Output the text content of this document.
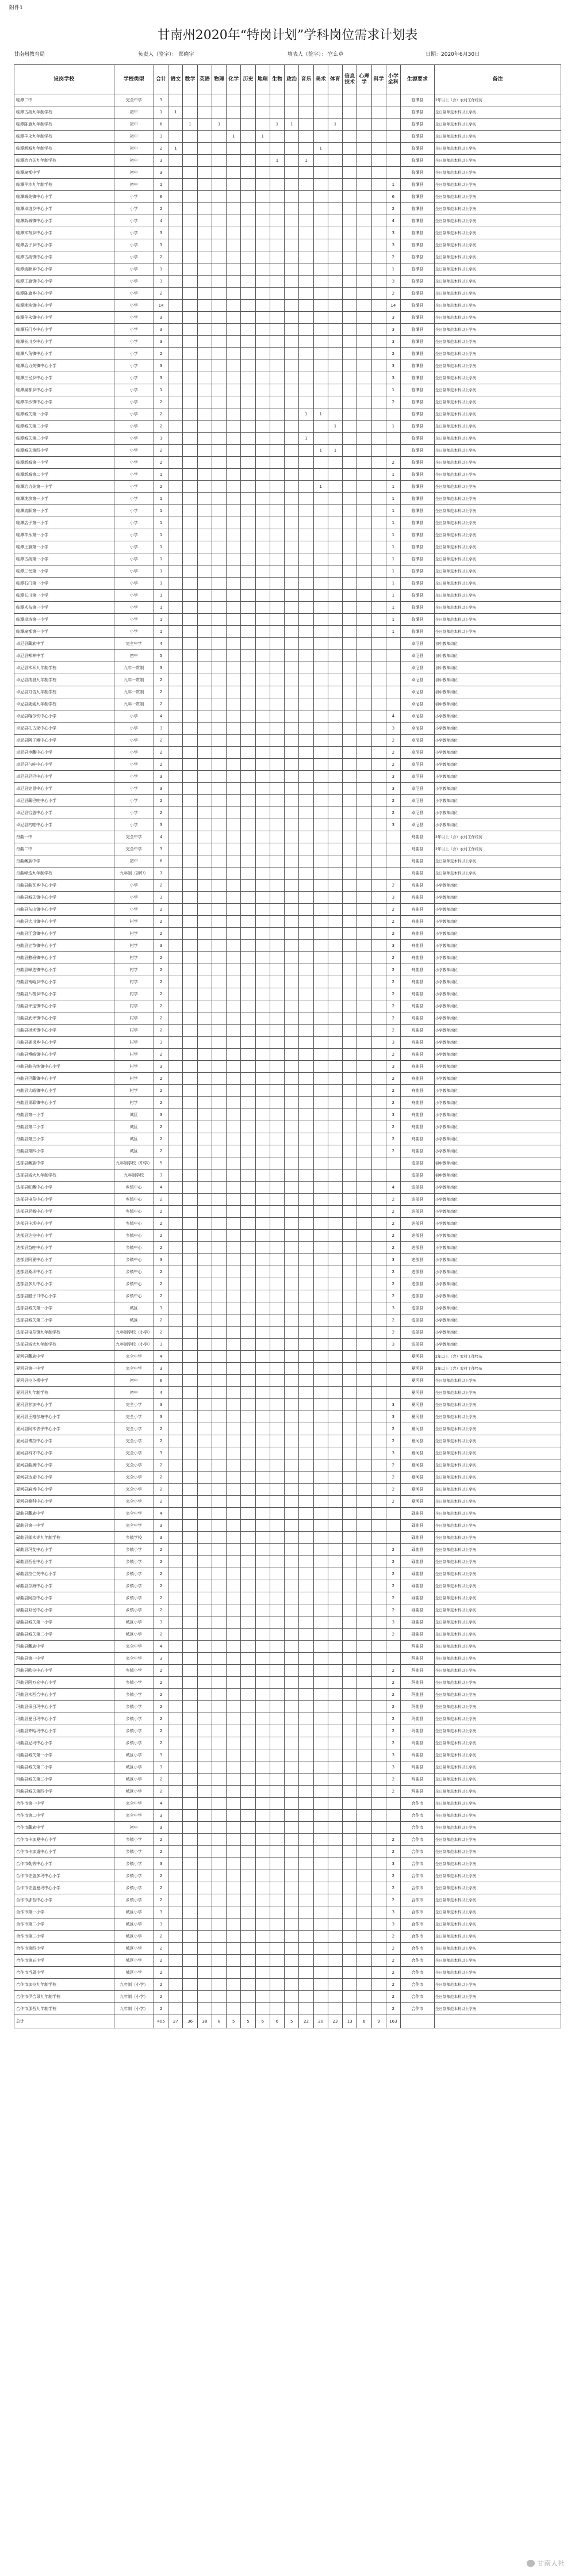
附件1
甘南州2020年“特岗计划”学科岗位需求计划表
甘南州教育局	负责人（签字）： 郑晓宇	填表人（签字）： 官么草	日期：2020年6月30日
设岗学校	学校类型	合计	语文	数学	英语	物理	化学	历史	地理	生物	政治	音乐	美术	体育	信息技术	心理学	科学	小学全科	生源要求	备注
临潭二中	完全中学	3																	临潭县	2年以上（含）农村工作经历
临潭古战九年制学校	初中	1	1																临潭县	全日制师范本科以上学历
临潭陈旗九年制学校	初中	6		1		1				1	1			1					临潭县	全日制师范本科以上学历
临潭羊永九年制学校	初中	3					1		1										临潭县	全日制师范本科以上学历
临潭新城九年制学校	初中	2	1										1						临潭县	全日制师范本科以上学历
临潭冶力关九年制学校	初中	3								1		1							临潭县	全日制师范本科以上学历
临潭扁都中学	初中	3																	临潭县	全日制师范本科以上学历
临潭羊沙九年制学校	初中	1																1	临潭县	全日制师范本科以上学历
临潭城关镇中心小学	小学	6																6	临潭县	全日制师范本科以上学历
临潭卓洛乡中心小学	小学	2																2	临潭县	全日制师范本科以上学历
临潭新城镇中心小学	小学	4																4	临潭县	全日制师范本科以上学历
临潭术布乡中心小学	小学	3																3	临潭县	全日制师范本科以上学历
临潭店子乡中心小学	小学	3																3	临潭县	全日制师范本科以上学历
临潭古战镇中心小学	小学	2																2	临潭县	全日制师范本科以上学历
临潭流顺乡中心小学	小学	1																1	临潭县	全日制师范本科以上学历
临潭王旗镇中心小学	小学	3																3	临潭县	全日制师范本科以上学历
临潭陈旗乡中心小学	小学	2																2	临潭县	全日制师范本科以上学历
临潭洮滨镇中心小学	小学	14																14	临潭县	全日制师范本科以上学历
临潭羊永镇中心小学	小学	3																3	临潭县	全日制师范本科以上学历
临潭石门乡中心小学	小学	3																3	临潭县	全日制师范本科以上学历
临潭长川乡中心小学	小学	3																3	临潭县	全日制师范本科以上学历
临潭八角镇中心小学	小学	2																2	临潭县	全日制师范本科以上学历
临潭冶力关镇中心小学	小学	3																3	临潭县	全日制师范本科以上学历
临潭三岔乡中心小学	小学	3																3	临潭县	全日制师范本科以上学历
临潭扁都乡中心小学	小学	1																1	临潭县	全日制师范本科以上学历
临潭羊沙镇中心小学	小学	2																2	临潭县	全日制师范本科以上学历
临潭城关第一小学	小学	2										1	1						临潭县	全日制师范本科以上学历
临潭城关第二小学	小学	2												1				1	临潭县	全日制师范本科以上学历
临潭城关第三小学	小学	1										1							临潭县	全日制师范本科以上学历
临潭城关第四小学	小学	2											1	1					临潭县	全日制师范本科以上学历
临潭新城第一小学	小学	2																2	临潭县	全日制师范本科以上学历
临潭新城第二小学	小学	1																1	临潭县	全日制师范本科以上学历
临潭冶力关第一小学	小学	2											1					1	临潭县	全日制师范本科以上学历
临潭洮滨第一小学	小学	1																1	临潭县	全日制师范本科以上学历
临潭流顺第一小学	小学	1																1	临潭县	全日制师范本科以上学历
临潭店子第一小学	小学	1																1	临潭县	全日制师范本科以上学历
临潭羊永第一小学	小学	1																1	临潭县	全日制师范本科以上学历
临潭王旗第一小学	小学	1																1	临潭县	全日制师范本科以上学历
临潭古战第一小学	小学	1																1	临潭县	全日制师范本科以上学历
临潭三岔第一小学	小学	1																1	临潭县	全日制师范本科以上学历
临潭石门第一小学	小学	1																1	临潭县	全日制师范本科以上学历
临潭长川第一小学	小学	1																1	临潭县	全日制师范本科以上学历
临潭术布第一小学	小学	1																1	临潭县	全日制师范本科以上学历
临潭卓洛第一小学	小学	1																1	临潭县	全日制师范本科以上学历
临潭扁都第一小学	小学	1																1	临潭县	全日制师范本科以上学历
卓尼县藏族中学	完全中学	4																	卓尼县	初中教师岗位
卓尼县柳林中学	初中	5																	卓尼县	初中教师岗位
卓尼县木耳九年制学校	九年一贯制	3																	卓尼县	初中教师岗位
卓尼县纳浪九年制学校	九年一贯制	2																	卓尼县	初中教师岗位
卓尼县刀告九年制学校	九年一贯制	2																	卓尼县	初中教师岗位
卓尼县洮砚九年制学校	九年一贯制	2																	卓尼县	初中教师岗位
卓尼县喀尔钦中心小学	小学	4																4	卓尼县	小学教师岗位
卓尼县扎古录中心小学	小学	3																3	卓尼县	小学教师岗位
卓尼县阿子滩中心小学	小学	2																2	卓尼县	小学教师岗位
卓尼县申藏中心小学	小学	2																2	卓尼县	小学教师岗位
卓尼县勺哇中心小学	小学	2																2	卓尼县	小学教师岗位
卓尼县尼巴中心小学	小学	3																3	卓尼县	小学教师岗位
卓尼县完冒中心小学	小学	3																3	卓尼县	小学教师岗位
卓尼县藏巴哇中心小学	小学	2																2	卓尼县	小学教师岗位
卓尼县恰盖中心小学	小学	2																2	卓尼县	小学教师岗位
卓尼县杓哇中心小学	小学	3																3	卓尼县	小学教师岗位
舟曲一中	完全中学	4																	舟曲县	2年以上（含）农村工作经历
舟曲二中	完全中学	3																	舟曲县	2年以上（含）农村工作经历
舟曲藏族中学	初中	6																	舟曲县	全日制师范本科以上学历
舟曲峰迭九年制学校	九年制（初中）	7																	舟曲县	全日制师范本科以上学历
舟曲县曲瓦乡中心小学	小学	2																2	舟曲县	小学教师岗位
舟曲县城关镇中心小学	小学	3																3	舟曲县	小学教师岗位
舟曲县东山镇中心小学	小学	2																2	舟曲县	小学教师岗位
舟曲县大川镇中心小学	村学	2																2	舟曲县	小学教师岗位
舟曲县江盘镇中心小学	村学	2																2	舟曲县	小学教师岗位
舟曲县立节镇中心小学	村学	3																3	舟曲县	小学教师岗位
舟曲县憨班镇中心小学	村学	2																2	舟曲县	小学教师岗位
舟曲县峰迭镇中心小学	村学	2																2	舟曲县	小学教师岗位
舟曲县南峪乡中心小学	村学	2																2	舟曲县	小学教师岗位
舟曲县八楞乡中心小学	村学	2																2	舟曲县	小学教师岗位
舟曲县坪定镇中心小学	村学	2																2	舟曲县	小学教师岗位
舟曲县武坪镇中心小学	村学	2																2	舟曲县	小学教师岗位
舟曲县拱坝镇中心小学	村学	2																2	舟曲县	小学教师岗位
舟曲县插岗乡中心小学	村学	3																3	舟曲县	小学教师岗位
舟曲县博峪镇中心小学	村学	2																2	舟曲县	小学教师岗位
舟曲县曲告纳镇中心小学	村学	3																3	舟曲县	小学教师岗位
舟曲县巴藏镇中心小学	村学	2																2	舟曲县	小学教师岗位
舟曲县大峪镇中心小学	村学	2																2	舟曲县	小学教师岗位
舟曲县果耶镇中心小学	村学	2																2	舟曲县	小学教师岗位
舟曲县第一小学	城区	3																3	舟曲县	小学教师岗位
舟曲县第二小学	城区	2																2	舟曲县	小学教师岗位
舟曲县第三小学	城区	2																2	舟曲县	小学教师岗位
舟曲县第四小学	城区	2																2	舟曲县	小学教师岗位
迭部县藏族中学	九年制学校（中学）	5																	迭部县	初中教师岗位
迭部县洛大九年制学校	九年制学校	3																	迭部县	初中教师岗位
迭部县旺藏中心小学	乡镇中心	4																4	迭部县	小学教师岗位
迭部县电尕中心小学	乡镇中心	2																2	迭部县	小学教师岗位
迭部县尼傲中心小学	乡镇中心	2																2	迭部县	小学教师岗位
迭部县卡坝中心小学	乡镇中心	2																2	迭部县	小学教师岗位
迭部县达拉中心小学	乡镇中心	2																2	迭部县	小学教师岗位
迭部县益哇中心小学	乡镇中心	2																2	迭部县	小学教师岗位
迭部县阿夏中心小学	乡镇中心	3																3	迭部县	小学教师岗位
迭部县桑坝中心小学	乡镇中心	2																2	迭部县	小学教师岗位
迭部县多儿中心小学	乡镇中心	2																2	迭部县	小学教师岗位
迭部县腊子口中心小学	乡镇中心	2																2	迭部县	小学教师岗位
迭部县城关第一小学	城区	3																3	迭部县	小学教师岗位
迭部县城关第二小学	城区	2																2	迭部县	小学教师岗位
迭部县电尕镇九年制学校	九年制学校（小学）	2																2	迭部县	小学教师岗位
迭部县洛大九年制学校	九年制学校（小学）	3																3	迭部县	小学教师岗位
夏河县藏族中学	完全中学	4																	夏河县	2年以上（含）农村工作经历
夏河县第一中学	完全中学	3																	夏河县	2年以上（含）农村工作经历
夏河县拉卜楞中学	初中	6																	夏河县	全日制师范本科以上学历
夏河县九年制学校	初中	4																	夏河县	全日制师范本科以上学历
夏河县甘加中心小学	完全小学	3																3	夏河县	全日制师范本科以上学历
夏河县王格尔塘中心小学	完全小学	3																3	夏河县	全日制师范本科以上学历
夏河县阿木去乎中心小学	完全小学	2																2	夏河县	全日制师范本科以上学历
夏河县博拉中心小学	完全小学	2																2	夏河县	全日制师范本科以上学历
夏河县科才中心小学	完全小学	3																3	夏河县	全日制师范本科以上学历
夏河县曲奥中心小学	完全小学	2																2	夏河县	全日制师范本科以上学历
夏河县达麦中心小学	完全小学	2																2	夏河县	全日制师范本科以上学历
夏河县麻当中心小学	完全小学	2																2	夏河县	全日制师范本科以上学历
夏河县桑科中心小学	完全小学	2																2	夏河县	全日制师范本科以上学历
碌曲县藏族中学	完全中学	4																	碌曲县	全日制师范本科以上学历
碌曲县第一中学	完全中学	3																	碌曲县	全日制师范本科以上学历
碌曲县郎木寺九年制学校	乡镇学校	3																	碌曲县	全日制师范本科以上学历
碌曲县玛艾中心小学	乡镇小学	2																2	碌曲县	全日制师范本科以上学历
碌曲县西仓中心小学	乡镇小学	2																2	碌曲县	全日制师范本科以上学历
碌曲县拉仁关中心小学	乡镇小学	2																2	碌曲县	全日制师范本科以上学历
碌曲县尕海中心小学	乡镇小学	2																2	碌曲县	全日制师范本科以上学历
碌曲县阿拉中心小学	乡镇小学	2																2	碌曲县	全日制师范本科以上学历
碌曲县双岔中心小学	乡镇小学	2																2	碌曲县	全日制师范本科以上学历
碌曲县城关第一小学	城区小学	3																3	碌曲县	全日制师范本科以上学历
碌曲县城关第二小学	城区小学	2																2	碌曲县	全日制师范本科以上学历
玛曲县藏族中学	完全中学	4																	玛曲县	全日制师范本科以上学历
玛曲县第一中学	完全中学	3																	玛曲县	全日制师范本科以上学历
玛曲县欧拉中心小学	乡镇小学	2																2	玛曲县	全日制师范本科以上学历
玛曲县阿万仓中心小学	乡镇小学	2																2	玛曲县	全日制师范本科以上学历
玛曲县木西合中心小学	乡镇小学	2																2	玛曲县	全日制师范本科以上学历
玛曲县采日玛中心小学	乡镇小学	2																2	玛曲县	全日制师范本科以上学历
玛曲县曼日玛中心小学	乡镇小学	2																2	玛曲县	全日制师范本科以上学历
玛曲县齐哈玛中心小学	乡镇小学	2																2	玛曲县	全日制师范本科以上学历
玛曲县尼玛中心小学	乡镇小学	2																2	玛曲县	全日制师范本科以上学历
玛曲县城关第一小学	城区小学	3																3	玛曲县	全日制师范本科以上学历
玛曲县城关第二小学	城区小学	3																3	玛曲县	全日制师范本科以上学历
玛曲县城关第三小学	城区小学	2																2	玛曲县	全日制师范本科以上学历
玛曲县城关第四小学	城区小学	2																2	玛曲县	全日制师范本科以上学历
合作市第一中学	完全中学	4																	合作市	全日制师范本科以上学历
合作市第二中学	完全中学	3																	合作市	全日制师范本科以上学历
合作市藏族中学	初中	3																	合作市	全日制师范本科以上学历
合作市卡加曼中心小学	乡镇小学	2																2	合作市	全日制师范本科以上学历
合作市卡加道中心小学	乡镇小学	2																2	合作市	全日制师范本科以上学历
合作市勒秀中心小学	乡镇小学	3																3	合作市	全日制师范本科以上学历
合作市佐盖多玛中心小学	乡镇小学	2																2	合作市	全日制师范本科以上学历
合作市佐盖曼玛中心小学	乡镇小学	2																2	合作市	全日制师范本科以上学历
合作市那吾中心小学	乡镇小学	2																2	合作市	全日制师范本科以上学历
合作市第一小学	城区小学	3																3	合作市	全日制师范本科以上学历
合作市第二小学	城区小学	3																3	合作市	全日制师范本科以上学历
合作市第三小学	城区小学	2																2	合作市	全日制师范本科以上学历
合作市第四小学	城区小学	2																2	合作市	全日制师范本科以上学历
合作市第五小学	城区小学	2																2	合作市	全日制师范本科以上学历
合作市当周小学	城区小学	2																2	合作市	全日制师范本科以上学历
合作市加拉九年制学校	九年制（小学）	2																2	合作市	全日制师范本科以上学历
合作市伊合昂九年制学校	九年制（小学）	2																2	合作市	全日制师范本科以上学历
合作市那吾九年制学校	九年制（小学）	2																2	合作市	全日制师范本科以上学历
总计		405	27	36	38	8	5	5	6	6	5	22	20	23	13	6	9	163		
甘南人社
